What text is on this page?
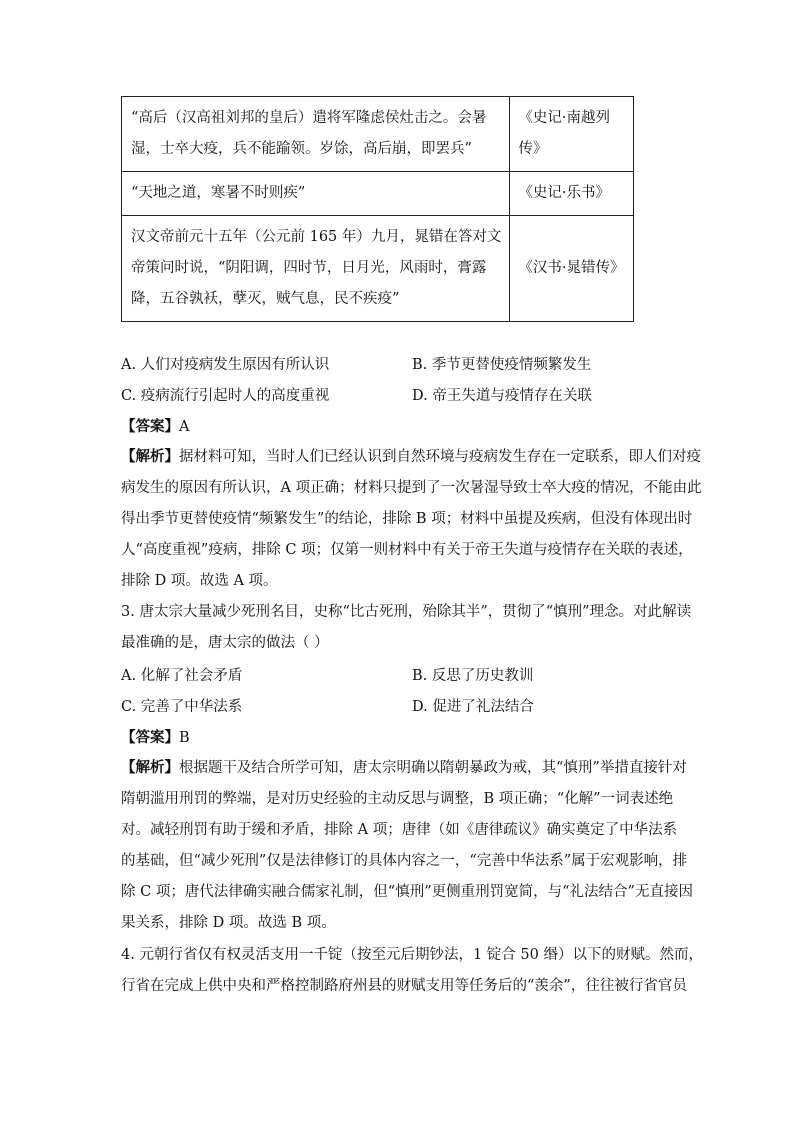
“高后（汉高祖刘邦的皇后）遣将军隆虑侯灶击之。会暑
湿，士卒大疫，兵不能踰领。岁馀，高后崩，即罢兵”	《史记·南越列
传》

“天地之道，寒暑不时则疾”	《史记·乐书》

汉文帝前元十五年（公元前 165 年）九月，晁错在答对文
帝策问时说，“阴阳调，四时节，日月光，风雨时，膏露
降，五谷孰袄，孽灭，贼气息，民不疾疫”	《汉书·晁错传》
A. 人们对疫病发生原因有所认识	B. 季节更替使疫情频繁发生
C. 疫病流行引起时人的高度重视	D. 帝王失道与疫情存在关联
【答案】A
【解析】据材料可知，当时人们已经认识到自然环境与疫病发生存在一定联系，即人们对疫
病发生的原因有所认识，A 项正确；材料只提到了一次暑湿导致士卒大疫的情况，不能由此
得出季节更替使疫情“频繁发生”的结论，排除 B 项；材料中虽提及疾病，但没有体现出时
人“高度重视”疫病，排除 C 项；仅第一则材料中有关于帝王失道与疫情存在关联的表述，
排除 D 项。故选 A 项。
3. 唐太宗大量减少死刑名目，史称“比古死刑，殆除其半”，贯彻了“慎刑”理念。对此解读
最准确的是，唐太宗的做法（ ）
A. 化解了社会矛盾	B. 反思了历史教训
C. 完善了中华法系	D. 促进了礼法结合
【答案】B
【解析】根据题干及结合所学可知，唐太宗明确以隋朝暴政为戒，其“慎刑”举措直接针对
隋朝滥用刑罚的弊端，是对历史经验的主动反思与调整，B 项正确；“化解”一词表述绝
对。减轻刑罚有助于缓和矛盾，排除 A 项；唐律（如《唐律疏议》确实奠定了中华法系
的基础，但“减少死刑”仅是法律修订的具体内容之一，“完善中华法系”属于宏观影响，排
除 C 项；唐代法律确实融合儒家礼制，但“慎刑”更侧重刑罚宽简，与“礼法结合”无直接因
果关系，排除 D 项。故选 B 项。
4. 元朝行省仅有权灵活支用一千锭（按至元后期钞法，1 锭合 50 缗）以下的财赋。然而，
行省在完成上供中央和严格控制路府州县的财赋支用等任务后的“羡余”，往往被行省官员
